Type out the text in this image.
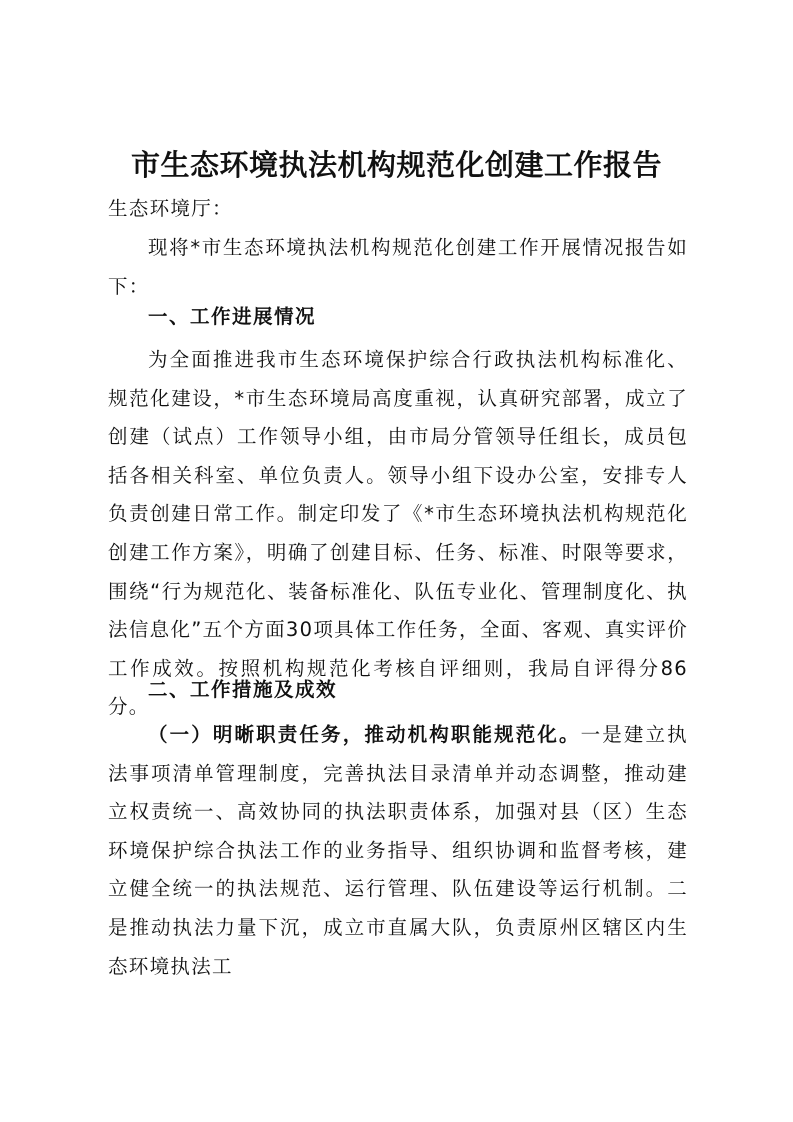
市生态环境执法机构规范化创建工作报告

生态环境厅：

现将*市生态环境执法机构规范化创建工作开展情况报告如下：

一、工作进展情况

为全面推进我市生态环境保护综合行政执法机构标准化、规范化建设，*市生态环境局高度重视，认真研究部署，成立了创建（试点）工作领导小组，由市局分管领导任组长，成员包括各相关科室、单位负责人。领导小组下设办公室，安排专人负责创建日常工作。制定印发了《*市生态环境执法机构规范化创建工作方案》，明确了创建目标、任务、标准、时限等要求，围绕“行为规范化、装备标准化、队伍专业化、管理制度化、执法信息化”五个方面30项具体工作任务，全面、客观、真实评价工作成效。按照机构规范化考核自评细则，我局自评得分86分。

二、工作措施及成效

（一）明晰职责任务，推动机构职能规范化。一是建立执法事项清单管理制度，完善执法目录清单并动态调整，推动建立权责统一、高效协同的执法职责体系，加强对县（区）生态环境保护综合执法工作的业务指导、组织协调和监督考核，建立健全统一的执法规范、运行管理、队伍建设等运行机制。二是推动执法力量下沉，成立市直属大队，负责原州区辖区内生态环境执法工
